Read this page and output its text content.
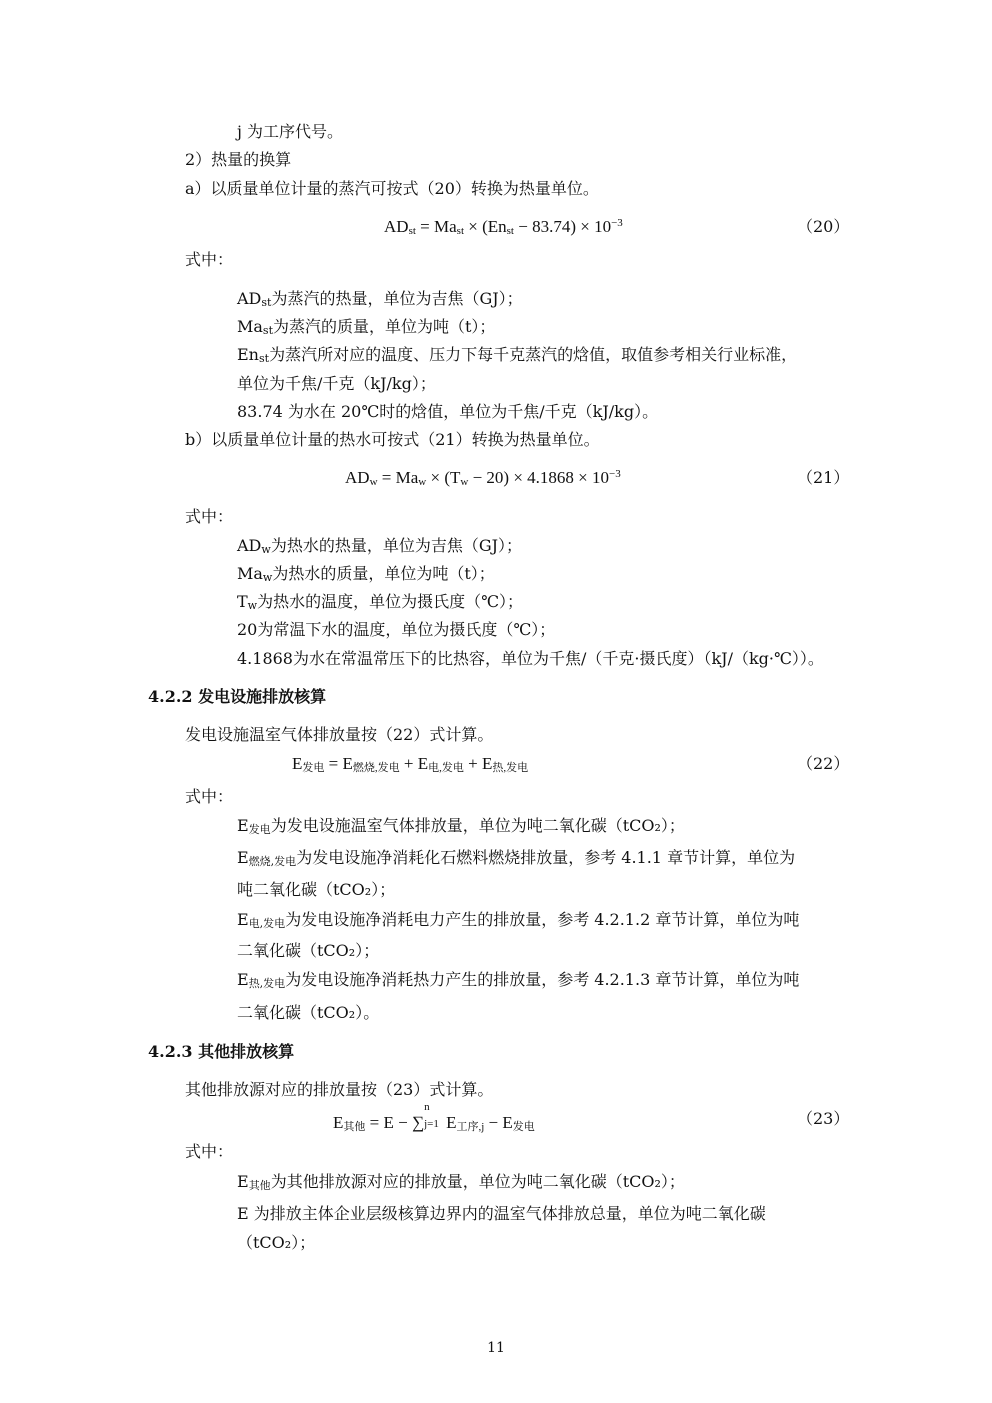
j 为工序代号。
2）热量的换算
a）以质量单位计量的蒸汽可按式（20）转换为热量单位。
$AD_{st} = Ma_{st} \times (En_{st} - 83.74) \times 10^{-3}$	（20）
式中：
$AD_{st}$为蒸汽的热量，单位为吉焦（GJ）；
$Ma_{st}$为蒸汽的质量，单位为吨（t）；
$En_{st}$为蒸汽所对应的温度、压力下每千克蒸汽的焓值，取值参考相关行业标准，
单位为千焦/千克（kJ/kg）；
83.74 为水在 20℃时的焓值，单位为千焦/千克（kJ/kg）。
b）以质量单位计量的热水可按式（21）转换为热量单位。
$AD_w = Ma_w \times (T_w - 20) \times 4.1868 \times 10^{-3}$	（21）
式中：
$AD_w$为热水的热量，单位为吉焦（GJ）；
$Ma_w$为热水的质量，单位为吨（t）；
$T_w$为热水的温度，单位为摄氏度（℃）；
20为常温下水的温度，单位为摄氏度（℃）；
4.1868为水在常温常压下的比热容，单位为千焦/（千克·摄氏度）（kJ/（kg·℃））。
4.2.2 发电设施排放核算
发电设施温室气体排放量按（22）式计算。
$E_{发电} = E_{燃烧,发电} + E_{电,发电} + E_{热,发电}$	（22）
式中：
$E_{发电}$为发电设施温室气体排放量，单位为吨二氧化碳（tCO₂）；
$E_{燃烧,发电}$为发电设施净消耗化石燃料燃烧排放量，参考 4.1.1 章节计算，单位为
吨二氧化碳（tCO₂）；
$E_{电,发电}$为发电设施净消耗电力产生的排放量，参考 4.2.1.2 章节计算，单位为吨
二氧化碳（tCO₂）；
$E_{热,发电}$为发电设施净消耗热力产生的排放量，参考 4.2.1.3 章节计算，单位为吨
二氧化碳（tCO₂）。
4.2.3 其他排放核算
其他排放源对应的排放量按（23）式计算。
$E_{其他} = E$ − ∑
n
j=1 $E_{工序,j} - E_{发电}$	（23）
式中：
$E_{其他}$为其他排放源对应的排放量，单位为吨二氧化碳（tCO₂）；
E 为排放主体企业层级核算边界内的温室气体排放总量，单位为吨二氧化碳
（tCO₂）；
11
